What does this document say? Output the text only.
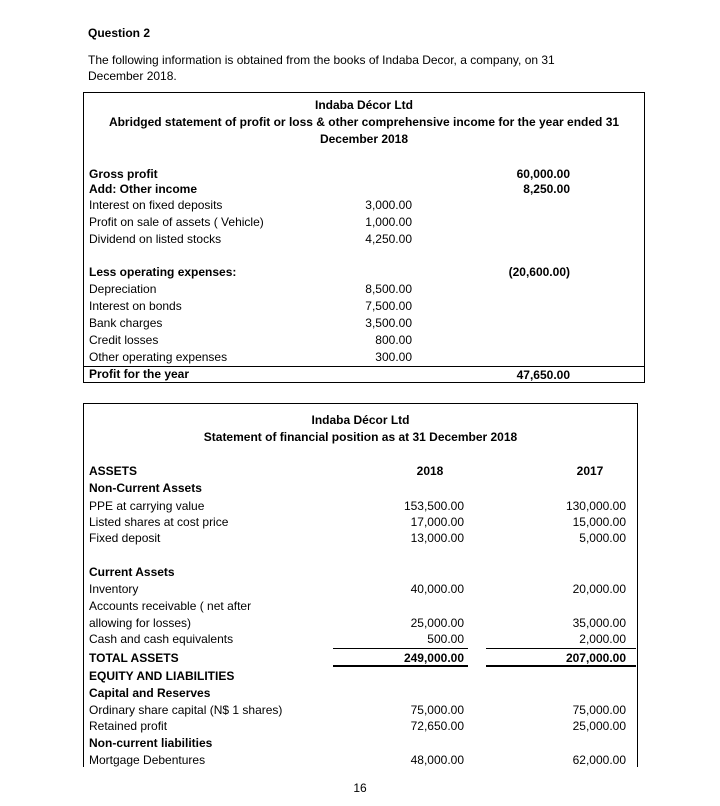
Question 2
The following information is obtained from the books of Indaba Decor, a company, on 31
December 2018.
Indaba Décor Ltd
Abridged statement of profit or loss & other comprehensive income for the year ended 31
December 2018
Gross profit	60,000.00
Add: Other income	8,250.00
Interest on fixed deposits	3,000.00
Profit on sale of assets ( Vehicle)	1,000.00
Dividend on listed stocks	4,250.00
Less operating expenses:	(20,600.00)
Depreciation	8,500.00
Interest on bonds	7,500.00
Bank charges	3,500.00
Credit losses	800.00
Other operating expenses	300.00
Profit for the year	47,650.00
Indaba Décor Ltd
Statement of financial position as at 31 December 2018
ASSETS	2018	2017
Non-Current Assets
PPE at carrying value	153,500.00	130,000.00
Listed shares at cost price	17,000.00	15,000.00
Fixed deposit	13,000.00	5,000.00
Current Assets
Inventory	40,000.00	20,000.00
Accounts receivable ( net after
allowing for losses)	25,000.00	35,000.00
Cash and cash equivalents	500.00	2,000.00
TOTAL ASSETS	249,000.00	207,000.00
EQUITY AND LIABILITIES
Capital and Reserves
Ordinary share capital (N$ 1 shares)	75,000.00	75,000.00
Retained profit	72,650.00	25,000.00
Non-current liabilities
Mortgage Debentures	48,000.00	62,000.00
16
